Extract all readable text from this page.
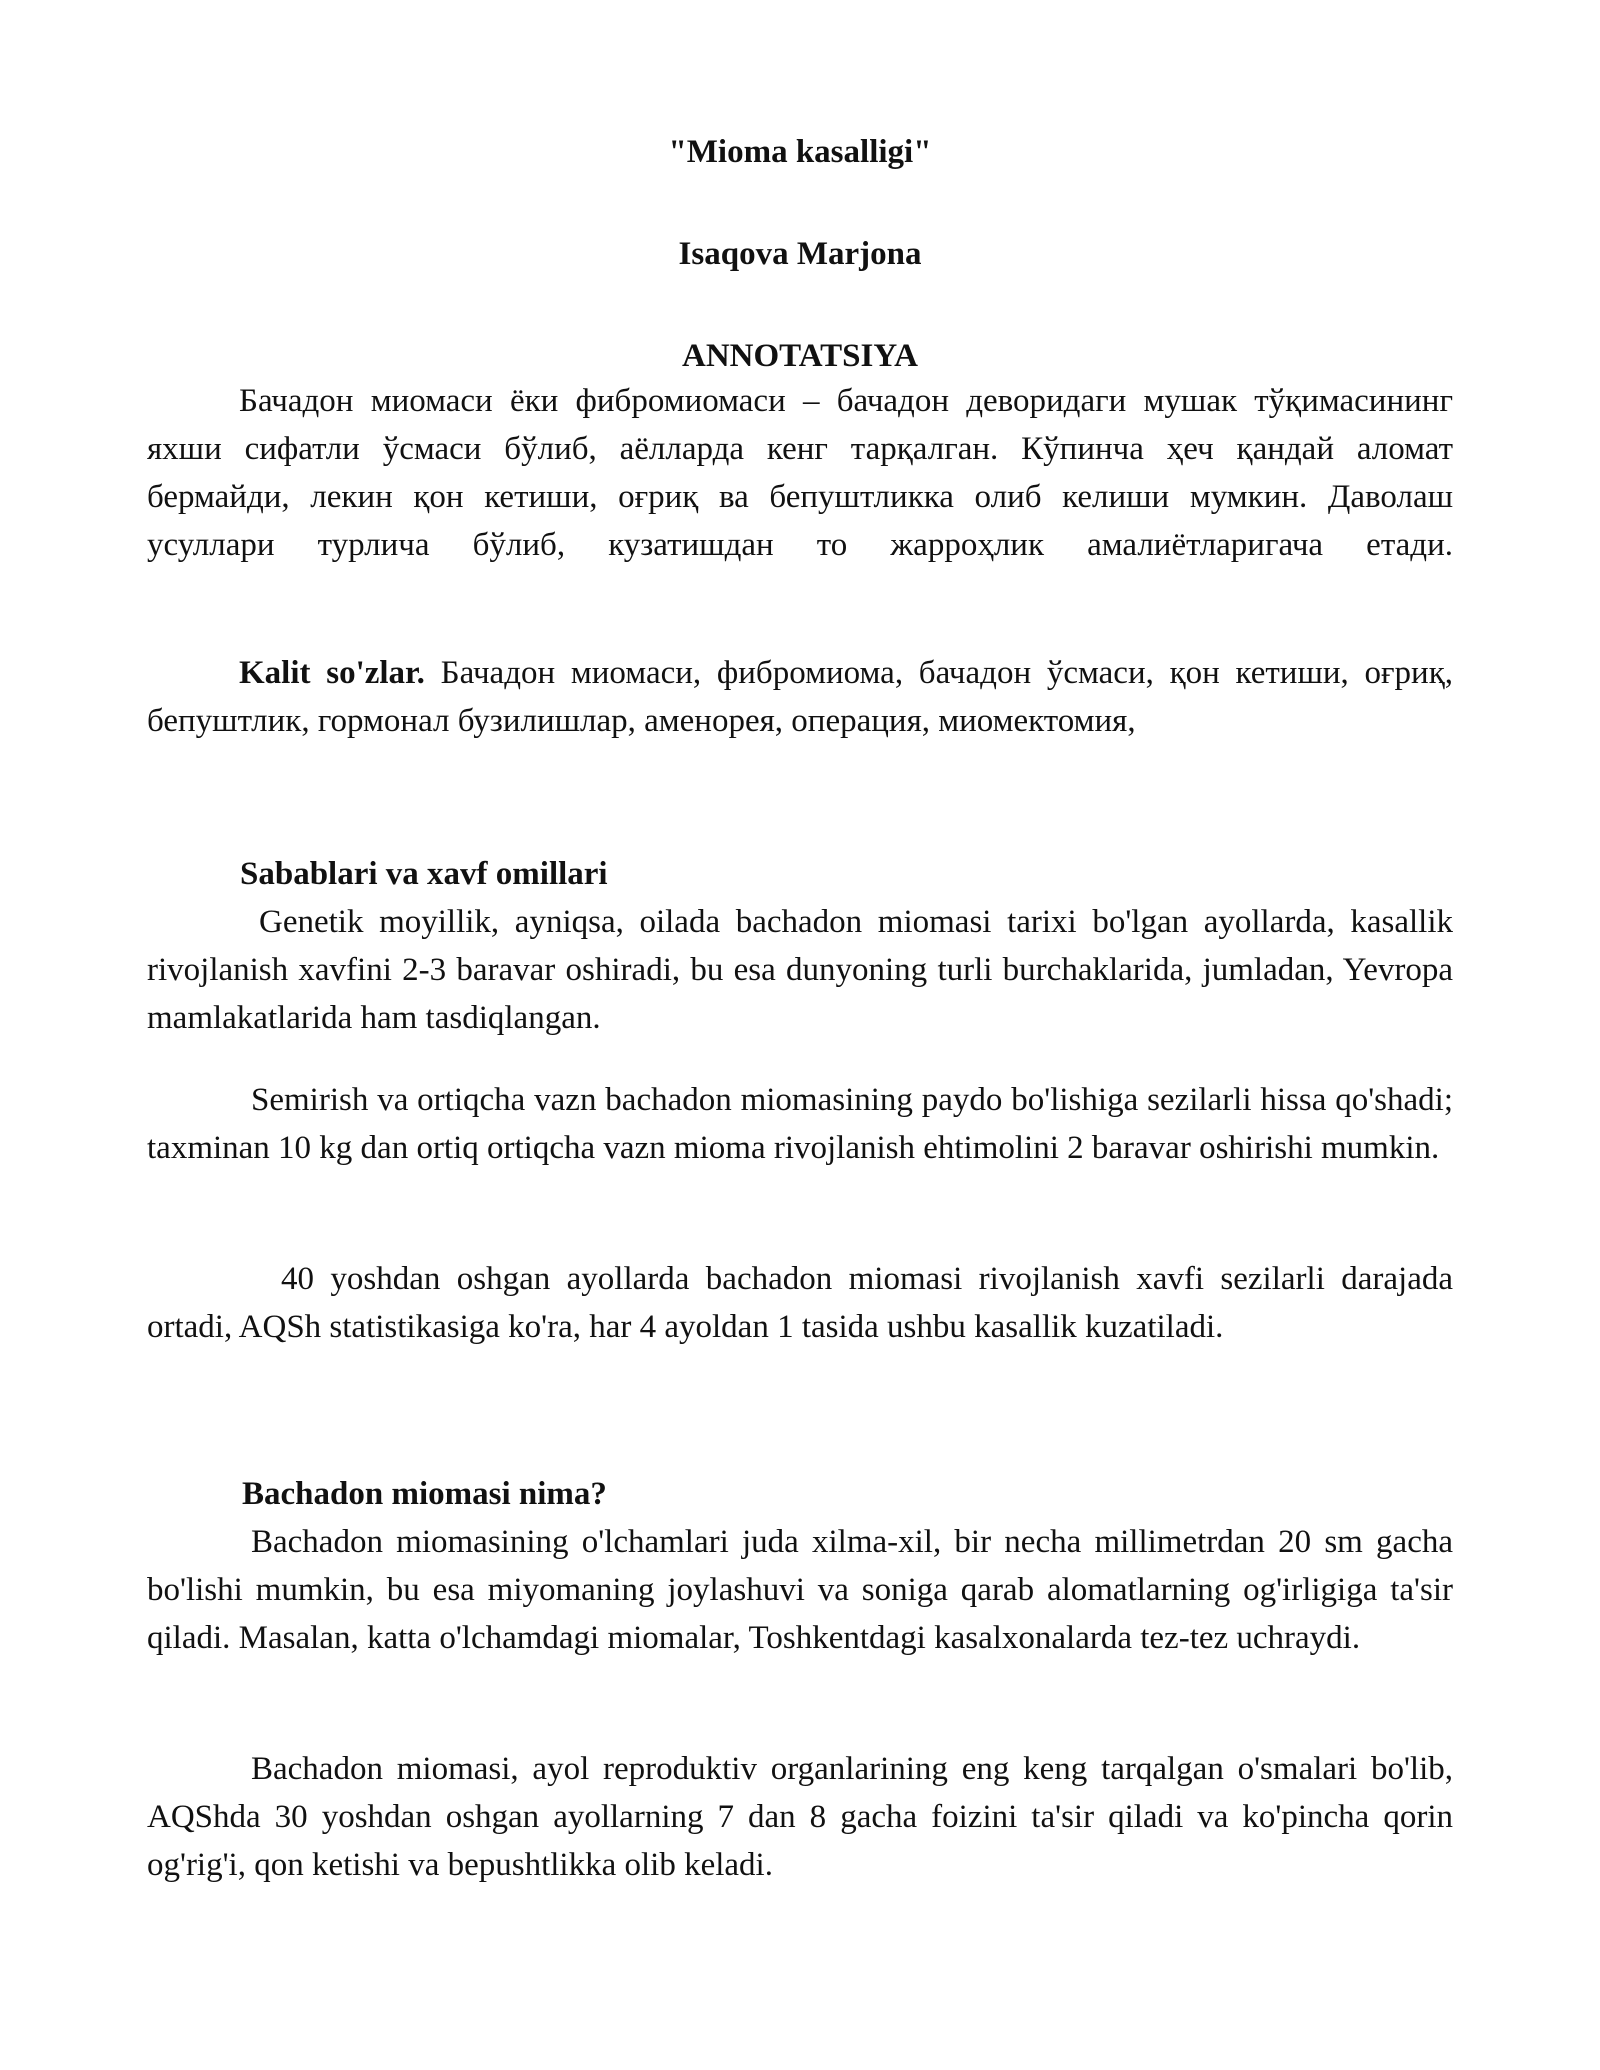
"Mioma kasalligi"
Isaqova Marjona
ANNOTATSIYA

Бачадон миомаси ёки фибромиомаси – бачадон деворидаги мушак тўқимасининг яхши сифатли ўсмаси бўлиб, аёлларда кенг тарқалган. Кўпинча ҳеч қандай аломат бермайди, лекин қон кетиши, оғриқ ва бепуштликка олиб келиши мумкин. Даволаш усуллари турлича бўлиб, кузатишдан то жарроҳлик амалиётларигача етади.

Kalit so'zlar. Бачадон миомаси, фибромиома, бачадон ўсмаси, қон кетиши, оғриқ, бепуштлик, гормонал бузилишлар, аменорея, операция, миомектомия,

Sabablari va xavf omillari

Genetik moyillik, ayniqsa, oilada bachadon miomasi tarixi bo'lgan ayollarda, kasallik rivojlanish xavfini 2-3 baravar oshiradi, bu esa dunyoning turli burchaklarida, jumladan, Yevropa mamlakatlarida ham tasdiqlangan.

Semirish va ortiqcha vazn bachadon miomasining paydo bo'lishiga sezilarli hissa qo'shadi; taxminan 10 kg dan ortiq ortiqcha vazn mioma rivojlanish ehtimolini 2 baravar oshirishi mumkin.

40 yoshdan oshgan ayollarda bachadon miomasi rivojlanish xavfi sezilarli darajada ortadi, AQSh statistikasiga ko'ra, har 4 ayoldan 1 tasida ushbu kasallik kuzatiladi.

Bachadon miomasi nima?

Bachadon miomasining o'lchamlari juda xilma-xil, bir necha millimetrdan 20 sm gacha bo'lishi mumkin, bu esa miyomaning joylashuvi va soniga qarab alomatlarning og'irligiga ta'sir qiladi. Masalan, katta o'lchamdagi miomalar, Toshkentdagi kasalxonalarda tez-tez uchraydi.

Bachadon miomasi, ayol reproduktiv organlarining eng keng tarqalgan o'smalari bo'lib, AQShda 30 yoshdan oshgan ayollarning 7 dan 8 gacha foizini ta'sir qiladi va ko'pincha qorin og'rig'i, qon ketishi va bepushtlikka olib keladi.
